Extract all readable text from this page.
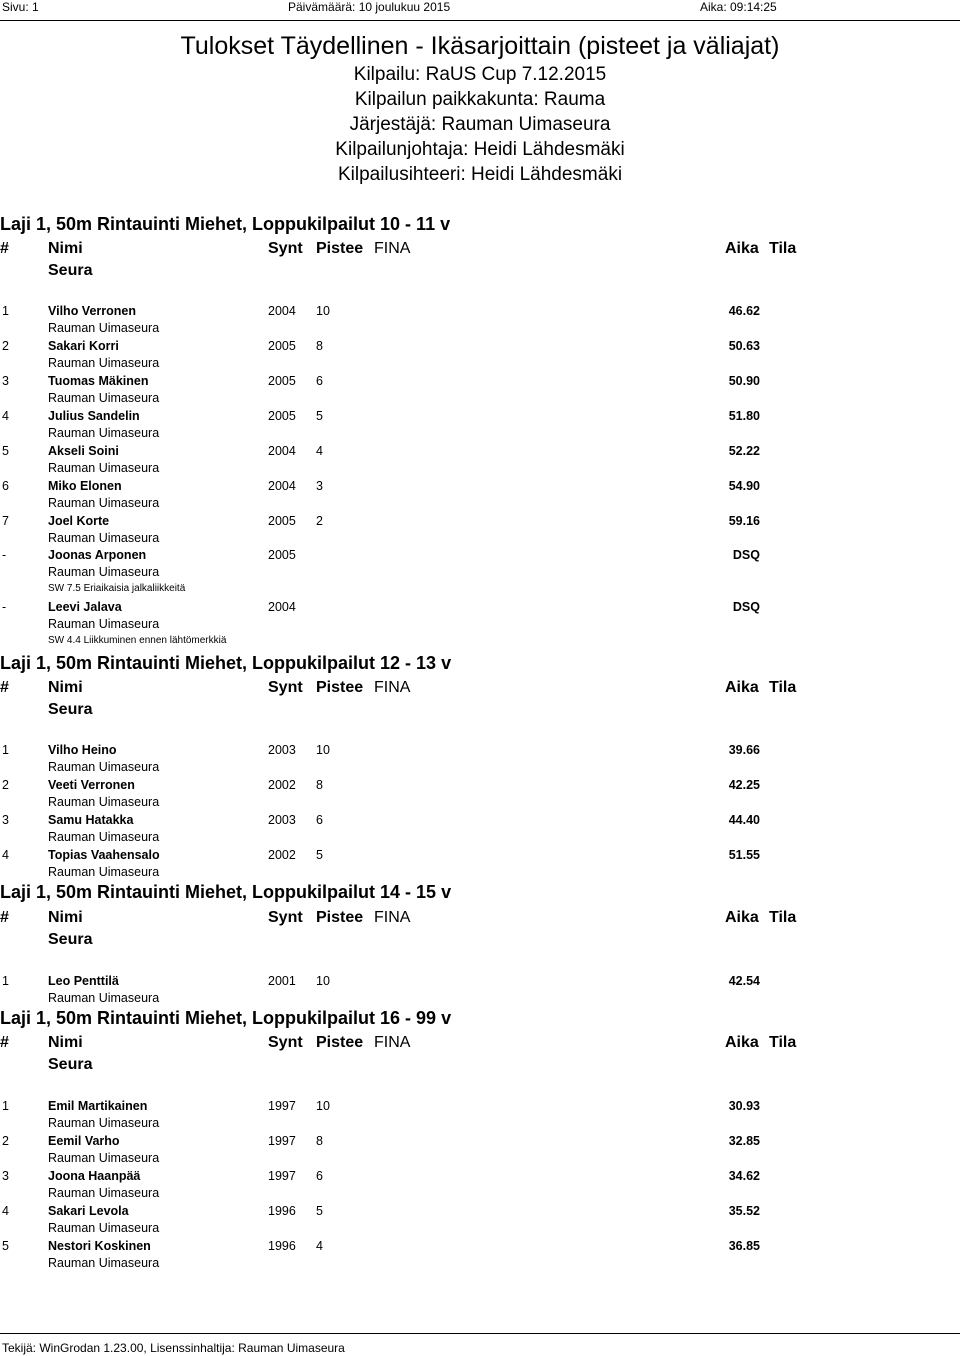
Sivu: 1	Päivämäärä: 10 joulukuu 2015	Aika: 09:14:25
Tulokset Täydellinen - Ikäsarjoittain (pisteet ja väliajat)
Kilpailu: RaUS Cup 7.12.2015
Kilpailun paikkakunta: Rauma
Järjestäjä: Rauman Uimaseura
Kilpailunjohtaja: Heidi Lähdesmäki
Kilpailusihteeri: Heidi Lähdesmäki
Laji 1, 50m Rintauinti Miehet, Loppukilpailut 10 - 11 v
# Nimi	Synt Pistee FINA	Aika Tila
Seura
1	Vilho Verronen	2004 10	46.62
Rauman Uimaseura
2	Sakari Korri	2005 8	50.63
Rauman Uimaseura
3	Tuomas Mäkinen	2005 6	50.90
Rauman Uimaseura
4	Julius Sandelin	2005 5	51.80
Rauman Uimaseura
5	Akseli Soini	2004 4	52.22
Rauman Uimaseura
6	Miko Elonen	2004 3	54.90
Rauman Uimaseura
7	Joel Korte	2005 2	59.16
Rauman Uimaseura
-	Joonas Arponen	2005	DSQ
Rauman Uimaseura
SW 7.5 Eriaikaisia jalkaliikkeitä
-	Leevi Jalava	2004	DSQ
Rauman Uimaseura
SW 4.4 Liikkuminen ennen lähtömerkkiä
Laji 1, 50m Rintauinti Miehet, Loppukilpailut 12 - 13 v
# Nimi	Synt Pistee FINA	Aika Tila
Seura
1	Vilho Heino	2003 10	39.66
Rauman Uimaseura
2	Veeti Verronen	2002 8	42.25
Rauman Uimaseura
3	Samu Hatakka	2003 6	44.40
Rauman Uimaseura
4	Topias Vaahensalo	2002 5	51.55
Rauman Uimaseura
Laji 1, 50m Rintauinti Miehet, Loppukilpailut 14 - 15 v
# Nimi	Synt Pistee FINA	Aika Tila
Seura
1	Leo Penttilä	2001 10	42.54
Rauman Uimaseura
Laji 1, 50m Rintauinti Miehet, Loppukilpailut 16 - 99 v
# Nimi	Synt Pistee FINA	Aika Tila
Seura
1	Emil Martikainen	1997 10	30.93
Rauman Uimaseura
2	Eemil Varho	1997 8	32.85
Rauman Uimaseura
3	Joona Haanpää	1997 6	34.62
Rauman Uimaseura
4	Sakari Levola	1996 5	35.52
Rauman Uimaseura
5	Nestori Koskinen	1996 4	36.85
Rauman Uimaseura
Tekijä: WinGrodan 1.23.00, Lisenssinhaltija: Rauman Uimaseura
